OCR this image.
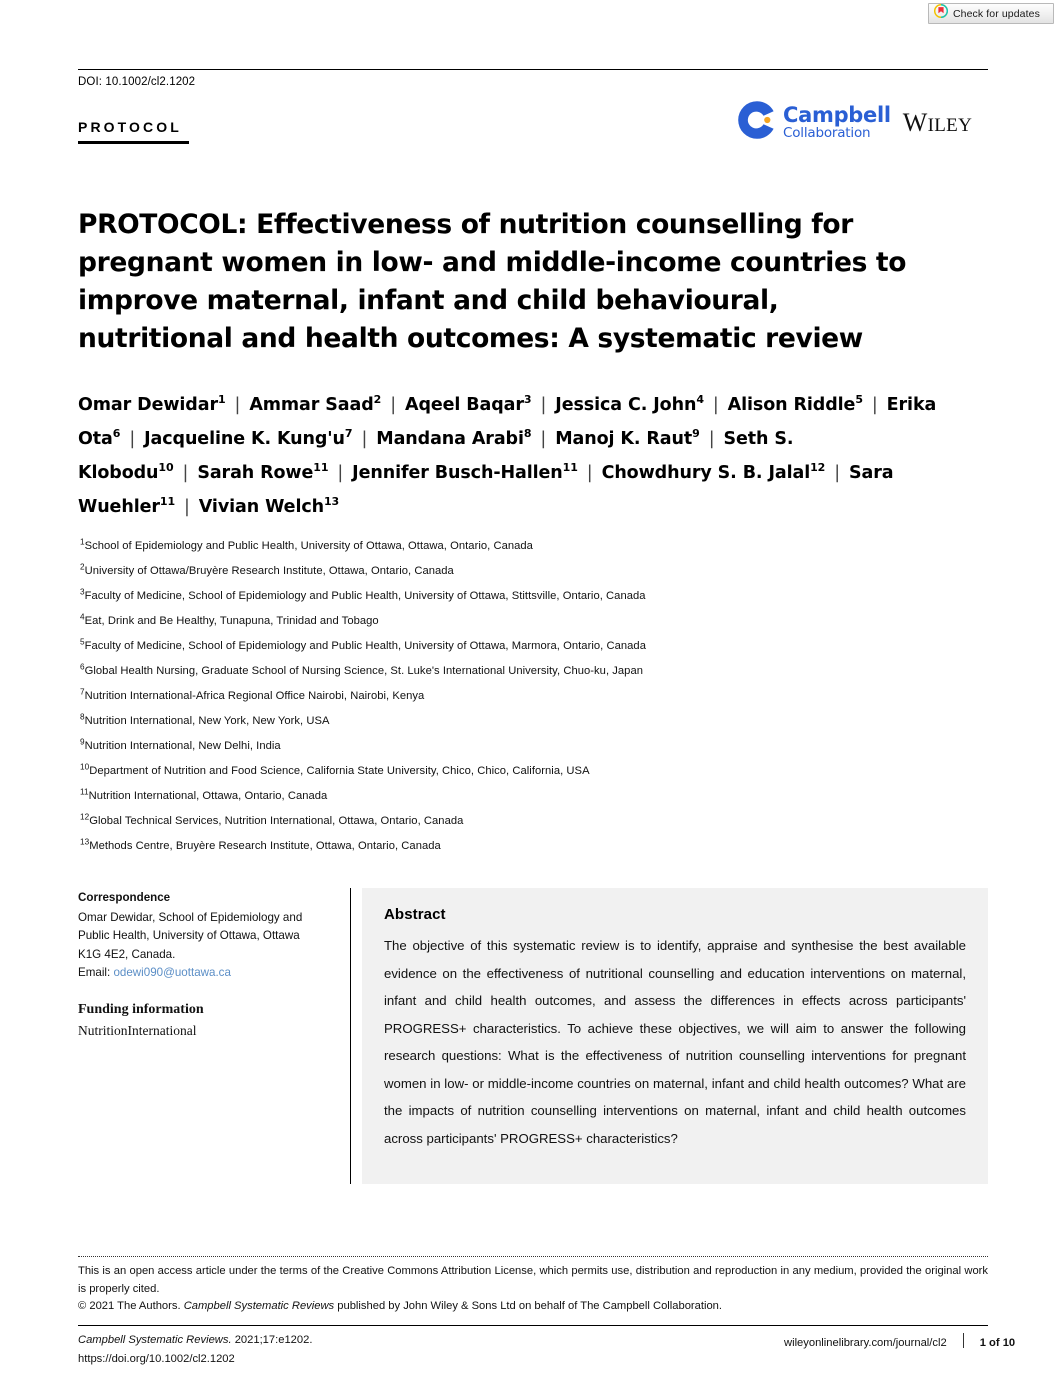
Check for updates
DOI: 10.1002/cl2.1202
PROTOCOL
Campbell
Collaboration	WILEY
PROTOCOL: Effectiveness of nutrition counselling for pregnant women in low- and middle-income countries to improve maternal, infant and child behavioural, nutritional and health outcomes: A systematic review
Omar Dewidar$^1$ | Ammar Saad$^2$ | Aqeel Baqar$^3$ | Jessica C. John$^4$ | Alison Riddle$^5$ | Erika Ota$^6$ | Jacqueline K. $Kung'u^7$ | Mandana Arabi$^8$ | Manoj K. Raut$^9$ | Seth S. Klobodu$^{10}$ | Sarah Rowe$^{11}$ | Jennifer Busch-Hallen$^{11}$ | Chowdhury S. B. Jalal$^{12}$ | Sara Wuehler$^{11}$ | Vivian Welch$^{13}$
$^1$School of Epidemiology and Public Health, University of Ottawa, Ottawa, Ontario, Canada
$^2$University of Ottawa/Bruyère Research Institute, Ottawa, Ontario, Canada
$^3$Faculty of Medicine, School of Epidemiology and Public Health, University of Ottawa, Stittsville, Ontario, Canada
$^4$Eat, Drink and Be Healthy, Tunapuna, Trinidad and Tobago
$^5$Faculty of Medicine, School of Epidemiology and Public Health, University of Ottawa, Marmora, Ontario, Canada
$^6$Global Health Nursing, Graduate School of Nursing Science, St. Luke's International University, Chuo-ku, Japan
$^7$Nutrition International-Africa Regional Office Nairobi, Nairobi, Kenya
$^8$Nutrition International, New York, New York, USA
$^9$Nutrition International, New Delhi, India
$^{10}$Department of Nutrition and Food Science, California State University, Chico, Chico, California, USA
$^{11}$Nutrition International, Ottawa, Ontario, Canada
$^{12}$Global Technical Services, Nutrition International, Ottawa, Ontario, Canada
$^{13}$Methods Centre, Bruyère Research Institute, Ottawa, Ontario, Canada
Correspondence
Omar Dewidar, School of Epidemiology and Public Health, University of Ottawa, Ottawa K1G 4E2, Canada.
Email: odewi090@uottawa.ca
Funding information
NutritionInternational
Abstract

The objective of this systematic review is to identify, appraise and synthesise the best available evidence on the effectiveness of nutritional counselling and education interventions on maternal, infant and child health outcomes, and assess the differences in effects across participants' PROGRESS+ characteristics. To achieve these objectives, we will aim to answer the following research questions: What is the effectiveness of nutrition counselling interventions for pregnant women in low- or middle-income countries on maternal, infant and child health outcomes? What are the impacts of nutrition counselling interventions on maternal, infant and child health outcomes across participants' PROGRESS+ characteristics?

This is an open access article under the terms of the Creative Commons Attribution License, which permits use, distribution and reproduction in any medium, provided the original work is properly cited.
© 2021 The Authors. Campbell Systematic Reviews published by John Wiley & Sons Ltd on behalf of The Campbell Collaboration.
Campbell Systematic Reviews. 2021;17:e1202.
https://doi.org/10.1002/cl2.1202
wileyonlinelibrary.com/journal/cl2	1 of 10
